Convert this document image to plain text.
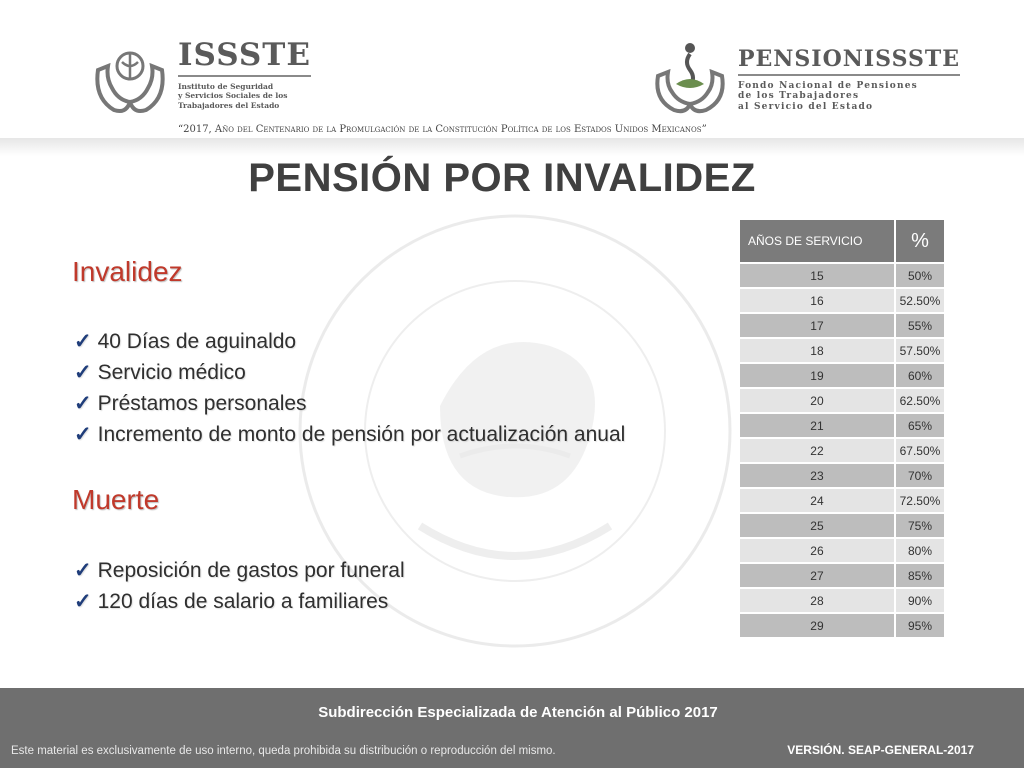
ISSSTE
Instituto de Seguridad
y Servicios Sociales de los
Trabajadores del Estado
PENSIONISSSTE
Fondo Nacional de Pensiones
de los Trabajadores
al Servicio del Estado
“2017, Año del Centenario de la Promulgación de la Constitución Política de los Estados Unidos Mexicanos”
PENSIÓN POR INVALIDEZ
Invalidez
✓ 40 Días de aguinaldo
✓ Servicio médico
✓ Préstamos personales
✓ Incremento de monto de pensión por actualización anual
Muerte
✓ Reposición de gastos por funeral
✓ 120 días de salario a familiares
AÑOS DE SERVICIO	%
15	50%
16	52.50%
17	55%
18	57.50%
19	60%
20	62.50%
21	65%
22	67.50%
23	70%
24	72.50%
25	75%
26	80%
27	85%
28	90%
29	95%
Subdirección Especializada de Atención al Público 2017
Este material es exclusivamente de uso interno, queda prohibida su distribución o reproducción del mismo.	VERSIÓN. SEAP-GENERAL-2017
